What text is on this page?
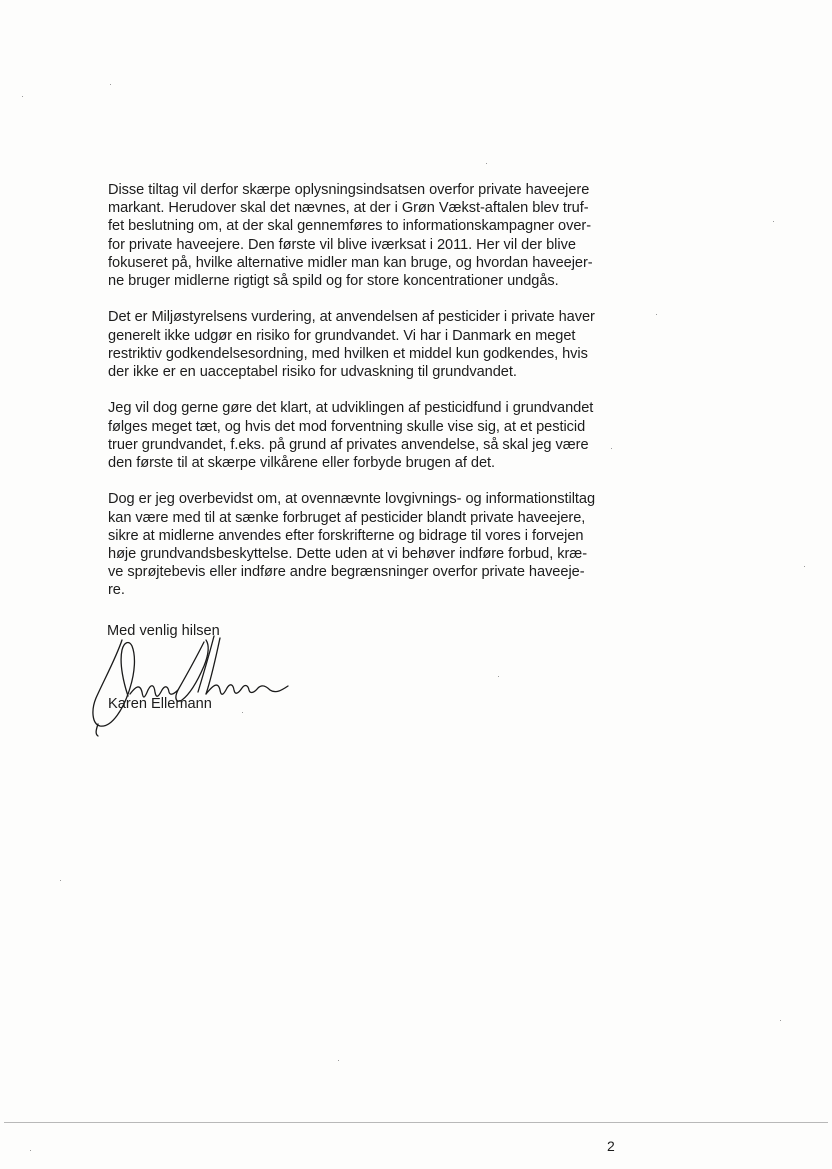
Disse tiltag vil derfor skærpe oplysningsindsatsen overfor private haveejere
markant. Herudover skal det nævnes, at der i Grøn Vækst-aftalen blev truf-
fet beslutning om, at der skal gennemføres to informationskampagner over-
for private haveejere. Den første vil blive iværksat i 2011. Her vil der blive
fokuseret på, hvilke alternative midler man kan bruge, og hvordan haveejer-
ne bruger midlerne rigtigt så spild og for store koncentrationer undgås.

Det er Miljøstyrelsens vurdering, at anvendelsen af pesticider i private haver
generelt ikke udgør en risiko for grundvandet. Vi har i Danmark en meget
restriktiv godkendelsesordning, med hvilken et middel kun godkendes, hvis
der ikke er en uacceptabel risiko for udvaskning til grundvandet.

Jeg vil dog gerne gøre det klart, at udviklingen af pesticidfund i grundvandet
følges meget tæt, og hvis det mod forventning skulle vise sig, at et pesticid
truer grundvandet, f.eks. på grund af privates anvendelse, så skal jeg være
den første til at skærpe vilkårene eller forbyde brugen af det.

Dog er jeg overbevidst om, at ovennævnte lovgivnings- og informationstiltag
kan være med til at sænke forbruget af pesticider blandt private haveejere,
sikre at midlerne anvendes efter forskrifterne og bidrage til vores i forvejen
høje grundvandsbeskyttelse. Dette uden at vi behøver indføre forbud, kræ-
ve sprøjtebevis eller indføre andre begrænsninger overfor private haveeje-
re.

Med venlig hilsen
Karen Ellemann
2
